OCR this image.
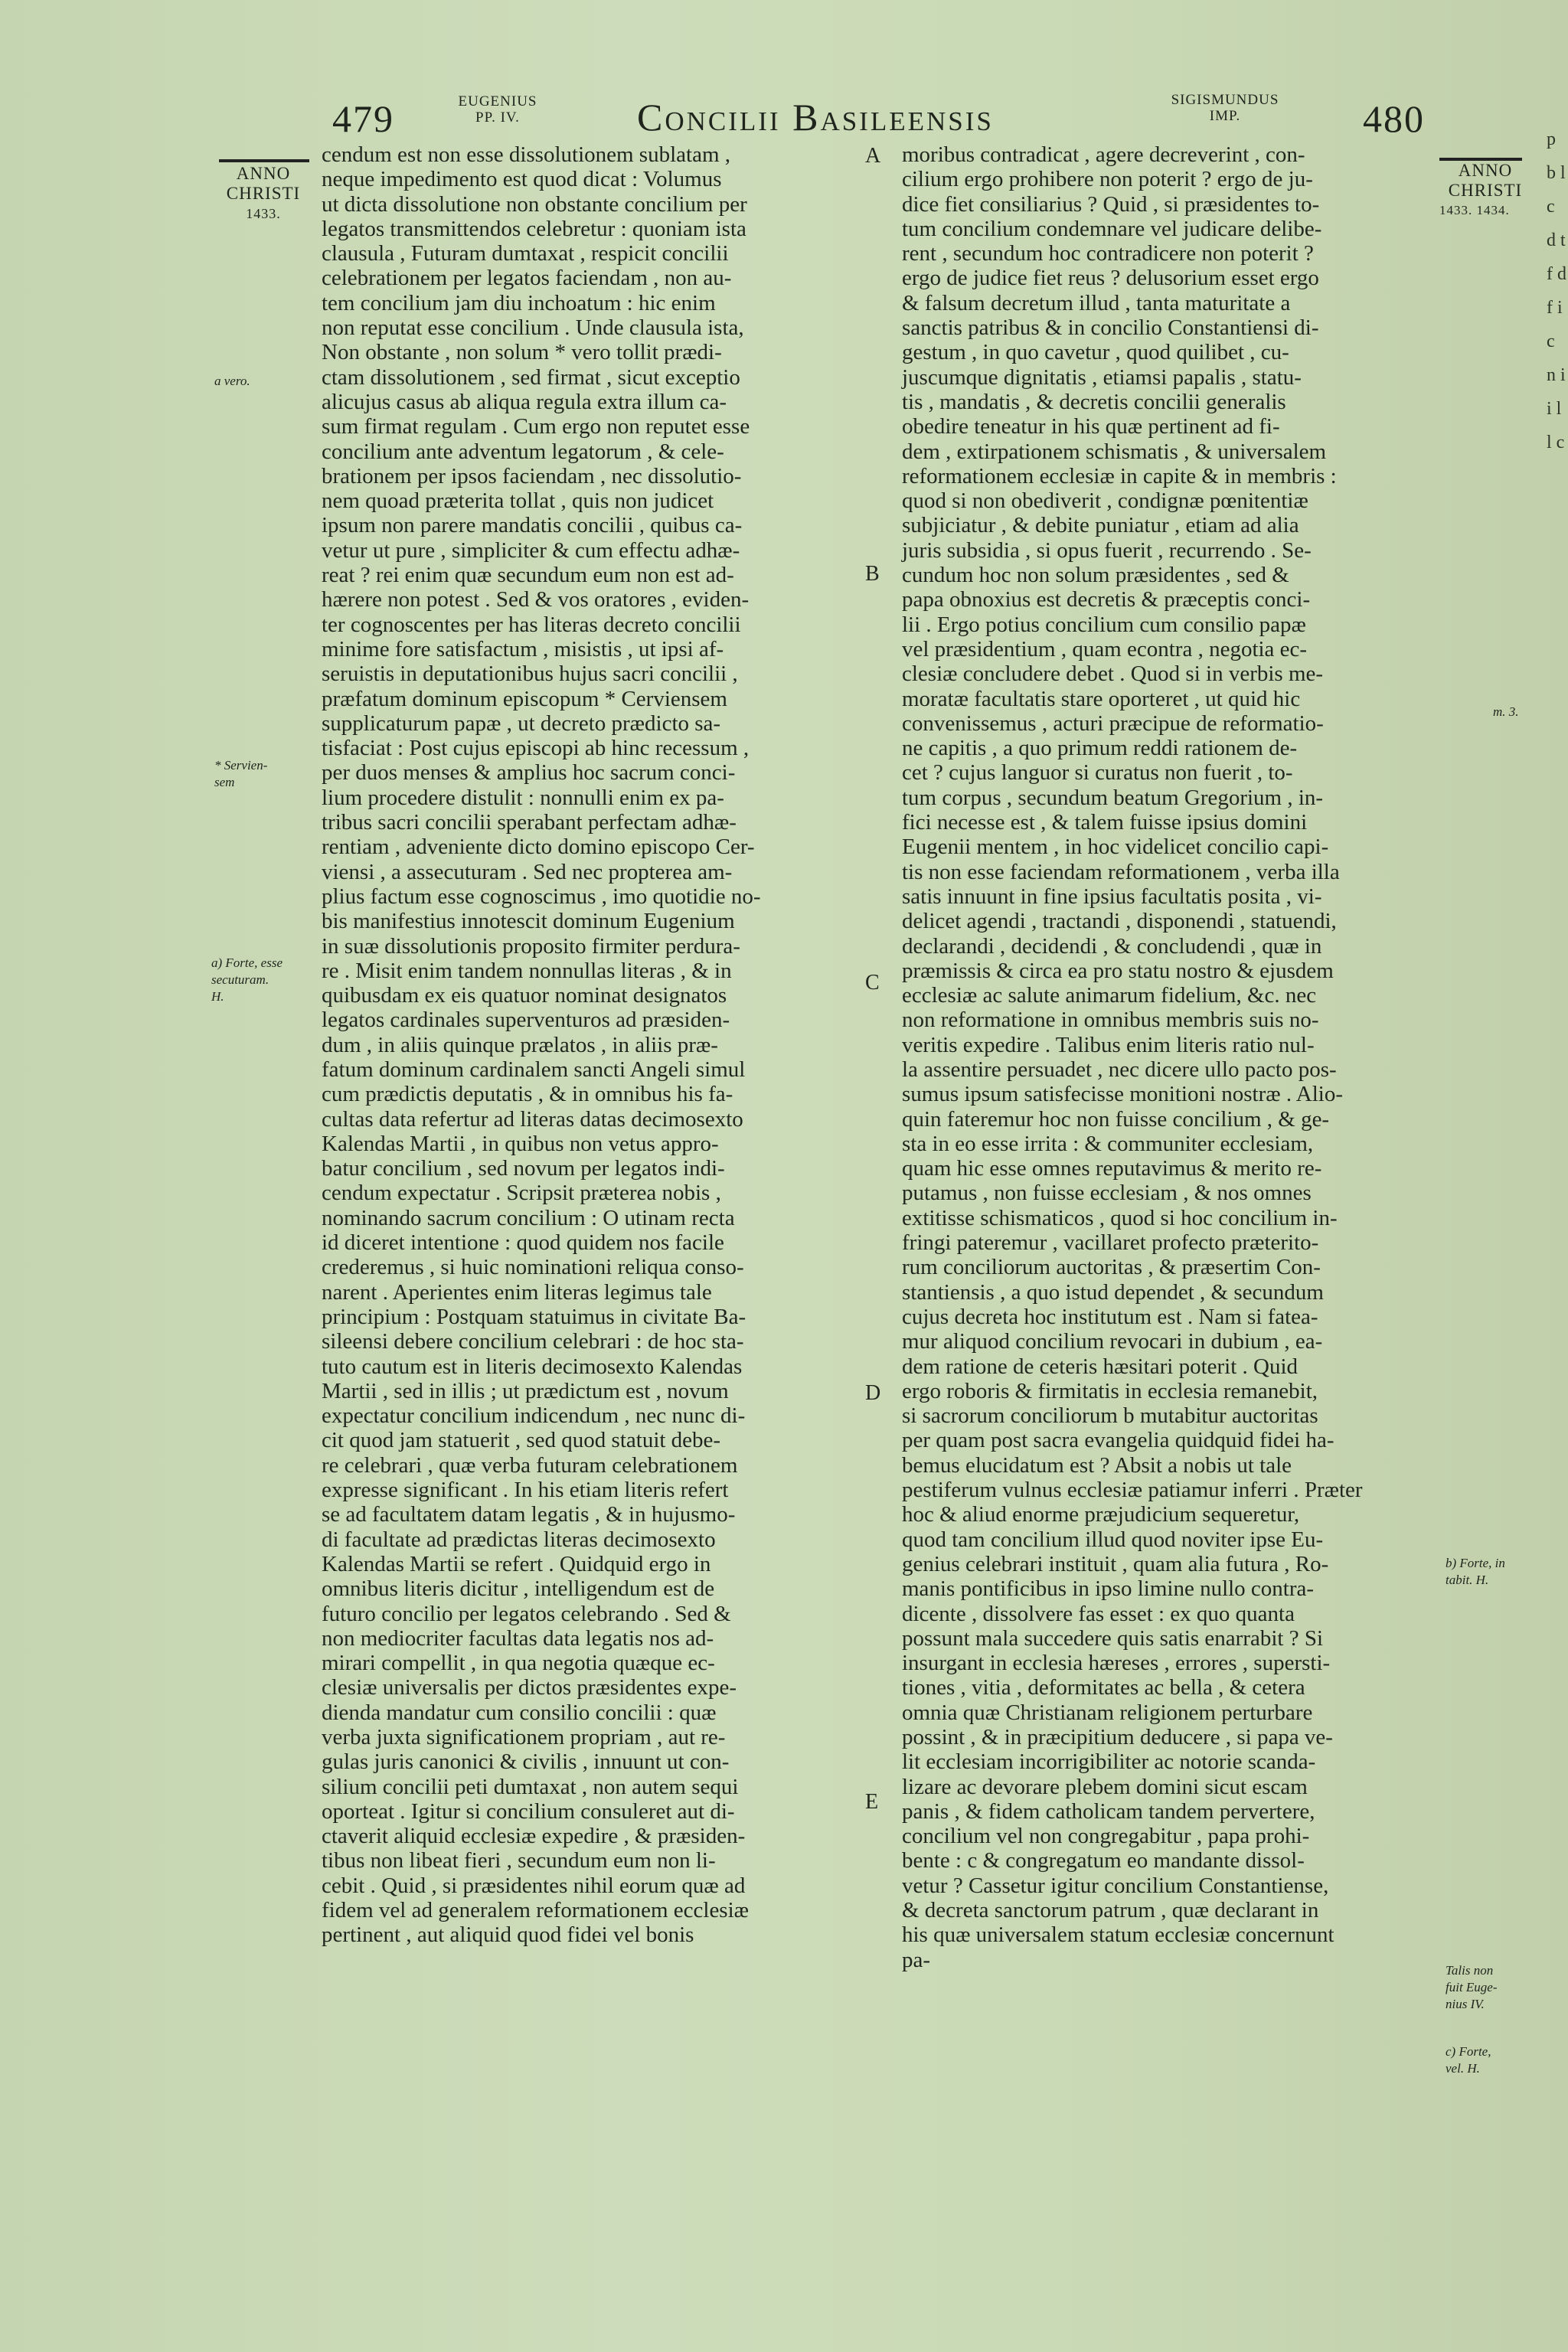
479	EUGENIUS
PP. IV.	Concilii Basileensis	SIGISMUNDUS
IMP.	480
ANNO
CHRISTI
1433.
a vero.
* Servien-
sem
a) Forte, esse
secuturam.
H.
cendum est non esse dissolutionem sublatam ,
neque impedimento est quod dicat : Volumus
ut dicta dissolutione non obstante concilium per
legatos transmittendos celebretur : quoniam ista
clausula , Futuram dumtaxat , respicit concilii
celebrationem per legatos faciendam , non au-
tem concilium jam diu inchoatum : hic enim
non reputat esse concilium . Unde clausula ista,
Non obstante , non solum * vero tollit prædi-
ctam dissolutionem , sed firmat , sicut exceptio
alicujus casus ab aliqua regula extra illum ca-
sum firmat regulam . Cum ergo non reputet esse
concilium ante adventum legatorum , & cele-
brationem per ipsos faciendam , nec dissolutio-
nem quoad præterita tollat , quis non judicet
ipsum non parere mandatis concilii , quibus ca-
vetur ut pure , simpliciter & cum effectu adhæ-
reat ? rei enim quæ secundum eum non est ad-
hærere non potest . Sed & vos oratores , eviden-
ter cognoscentes per has literas decreto concilii
minime fore satisfactum , misistis , ut ipsi af-
seruistis in deputationibus hujus sacri concilii ,
præfatum dominum episcopum * Cerviensem
supplicaturum papæ , ut decreto prædicto sa-
tisfaciat : Post cujus episcopi ab hinc recessum ,
per duos menses & amplius hoc sacrum conci-
lium procedere distulit : nonnulli enim ex pa-
tribus sacri concilii sperabant perfectam adhæ-
rentiam , adveniente dicto domino episcopo Cer-
viensi , a assecuturam . Sed nec propterea am-
plius factum esse cognoscimus , imo quotidie no-
bis manifestius innotescit dominum Eugenium
in suæ dissolutionis proposito firmiter perdura-
re . Misit enim tandem nonnullas literas , & in
quibusdam ex eis quatuor nominat designatos
legatos cardinales superventuros ad præsiden-
dum , in aliis quinque prælatos , in aliis præ-
fatum dominum cardinalem sancti Angeli simul
cum prædictis deputatis , & in omnibus his fa-
cultas data refertur ad literas datas decimosexto
Kalendas Martii , in quibus non vetus appro-
batur concilium , sed novum per legatos indi-
cendum expectatur . Scripsit præterea nobis ,
nominando sacrum concilium : O utinam recta
id diceret intentione : quod quidem nos facile
crederemus , si huic nominationi reliqua conso-
narent . Aperientes enim literas legimus tale
principium : Postquam statuimus in civitate Ba-
sileensi debere concilium celebrari : de hoc sta-
tuto cautum est in literis decimosexto Kalendas
Martii , sed in illis ; ut prædictum est , novum
expectatur concilium indicendum , nec nunc di-
cit quod jam statuerit , sed quod statuit debe-
re celebrari , quæ verba futuram celebrationem
expresse significant . In his etiam literis refert
se ad facultatem datam legatis , & in hujusmo-
di facultate ad prædictas literas decimosexto
Kalendas Martii se refert . Quidquid ergo in
omnibus literis dicitur , intelligendum est de
futuro concilio per legatos celebrando . Sed &
non mediocriter facultas data legatis nos ad-
mirari compellit , in qua negotia quæque ec-
clesiæ universalis per dictos præsidentes expe-
dienda mandatur cum consilio concilii : quæ
verba juxta significationem propriam , aut re-
gulas juris canonici & civilis , innuunt ut con-
silium concilii peti dumtaxat , non autem sequi
oporteat . Igitur si concilium consuleret aut di-
ctaverit aliquid ecclesiæ expedire , & præsiden-
tibus non libeat fieri , secundum eum non li-
cebit . Quid , si præsidentes nihil eorum quæ ad
fidem vel ad generalem reformationem ecclesiæ
pertinent , aut aliquid quod fidei vel bonis
A
B
C
D
E
moribus contradicat , agere decreverint , con-
cilium ergo prohibere non poterit ? ergo de ju-
dice fiet consiliarius ? Quid , si præsidentes to-
tum concilium condemnare vel judicare delibe-
rent , secundum hoc contradicere non poterit ?
ergo de judice fiet reus ? delusorium esset ergo
& falsum decretum illud , tanta maturitate a
sanctis patribus & in concilio Constantiensi di-
gestum , in quo cavetur , quod quilibet , cu-
juscumque dignitatis , etiamsi papalis , statu-
tis , mandatis , & decretis concilii generalis
obedire teneatur in his quæ pertinent ad fi-
dem , extirpationem schismatis , & universalem
reformationem ecclesiæ in capite & in membris :
quod si non obediverit , condignæ pœnitentiæ
subjiciatur , & debite puniatur , etiam ad alia
juris subsidia , si opus fuerit , recurrendo . Se-
cundum hoc non solum præsidentes , sed &
papa obnoxius est decretis & præceptis conci-
lii . Ergo potius concilium cum consilio papæ
vel præsidentium , quam econtra , negotia ec-
clesiæ concludere debet . Quod si in verbis me-
moratæ facultatis stare oporteret , ut quid hic
convenissemus , acturi præcipue de reformatio-
ne capitis , a quo primum reddi rationem de-
cet ? cujus languor si curatus non fuerit , to-
tum corpus , secundum beatum Gregorium , in-
fici necesse est , & talem fuisse ipsius domini
Eugenii mentem , in hoc videlicet concilio capi-
tis non esse faciendam reformationem , verba illa
satis innuunt in fine ipsius facultatis posita , vi-
delicet agendi , tractandi , disponendi , statuendi,
declarandi , decidendi , & concludendi , quæ in
præmissis & circa ea pro statu nostro & ejusdem
ecclesiæ ac salute animarum fidelium, &c. nec
non reformatione in omnibus membris suis no-
veritis expedire . Talibus enim literis ratio nul-
la assentire persuadet , nec dicere ullo pacto pos-
sumus ipsum satisfecisse monitioni nostræ . Alio-
quin fateremur hoc non fuisse concilium , & ge-
sta in eo esse irrita : & communiter ecclesiam,
quam hic esse omnes reputavimus & merito re-
putamus , non fuisse ecclesiam , & nos omnes
extitisse schismaticos , quod si hoc concilium in-
fringi pateremur , vacillaret profecto præterito-
rum conciliorum auctoritas , & præsertim Con-
stantiensis , a quo istud dependet , & secundum
cujus decreta hoc institutum est . Nam si fatea-
mur aliquod concilium revocari in dubium , ea-
dem ratione de ceteris hæsitari poterit . Quid
ergo roboris & firmitatis in ecclesia remanebit,
si sacrorum conciliorum b mutabitur auctoritas
per quam post sacra evangelia quidquid fidei ha-
bemus elucidatum est ? Absit a nobis ut tale
pestiferum vulnus ecclesiæ patiamur inferri . Præter
hoc & aliud enorme præjudicium sequeretur,
quod tam concilium illud quod noviter ipse Eu-
genius celebrari instituit , quam alia futura , Ro-
manis pontificibus in ipso limine nullo contra-
dicente , dissolvere fas esset : ex quo quanta
possunt mala succedere quis satis enarrabit ? Si
insurgant in ecclesia hæreses , errores , supersti-
tiones , vitia , deformitates ac bella , & cetera
omnia quæ Christianam religionem perturbare
possint , & in præcipitium deducere , si papa ve-
lit ecclesiam incorrigibiliter ac notorie scanda-
lizare ac devorare plebem domini sicut escam
panis , & fidem catholicam tandem pervertere,
concilium vel non congregabitur , papa prohi-
bente : c & congregatum eo mandante dissol-
vetur ? Cassetur igitur concilium Constantiense,
& decreta sanctorum patrum , quæ declarant in
his quæ universalem statum ecclesiæ concernunt
pa-
ANNO
CHRISTI
1433. 1434.
m. 3.
b) Forte, in
tabit. H.
Talis non
fuit Euge-
nius IV.
c) Forte,
vel. H.
p b l c d t f d f i c n i i l l c
